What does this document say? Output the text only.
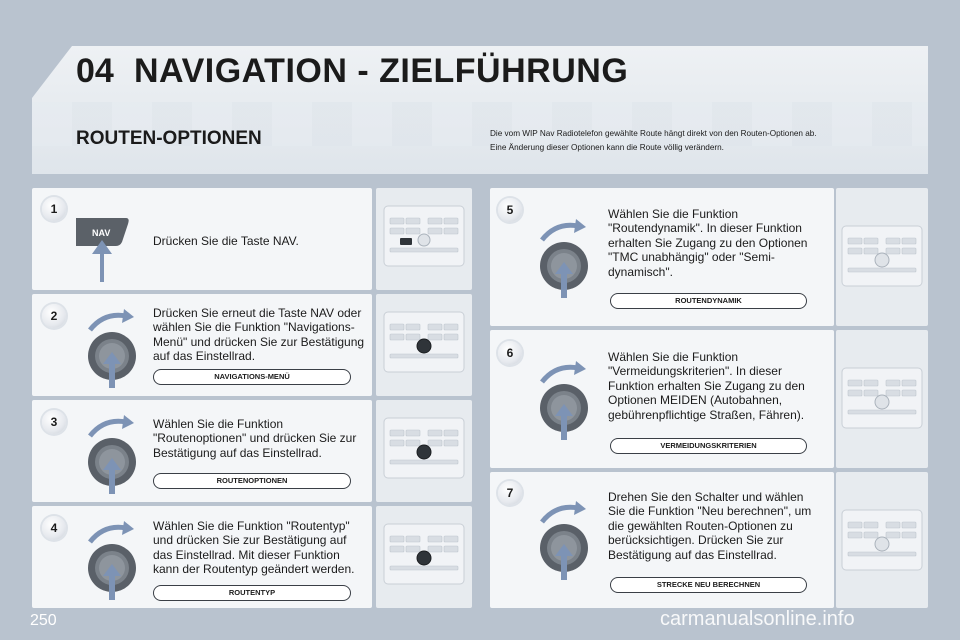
04 NAVIGATION - ZIELFÜHRUNG
ROUTEN-OPTIONEN	Die vom WIP Nav Radiotelefon gewählte Route hängt direkt von den Routen-Optionen ab.

Eine Änderung dieser Optionen kann die Route völlig verändern.

1
NAV
Drücken Sie die Taste NAV.
2	Drücken Sie erneut die Taste NAV oder wählen Sie die Funktion "Navigations-Menü" und drücken Sie zur Bestätigung auf das Einstellrad.
NAVIGATIONS-MENÜ
3	Wählen Sie die Funktion "Routenoptionen" und drücken Sie zur Bestätigung auf das Einstellrad.
ROUTENOPTIONEN
4	Wählen Sie die Funktion "Routentyp" und drücken Sie zur Bestätigung auf das Einstellrad. Mit dieser Funktion kann der Routentyp geändert werden.
ROUTENTYP
5	Wählen Sie die Funktion "Routendynamik". In dieser Funktion erhalten Sie Zugang zu den Optionen "TMC unabhängig" oder "Semi-dynamisch".
ROUTENDYNAMIK
6	Wählen Sie die Funktion "Vermeidungskriterien". In dieser Funktion erhalten Sie Zugang zu den Optionen MEIDEN (Autobahnen, gebührenpflichtige Straßen, Fähren).
VERMEIDUNGSKRITERIEN
7	Drehen Sie den Schalter und wählen Sie die Funktion "Neu berechnen", um die gewählten Routen-Optionen zu berücksichtigen. Drücken Sie zur Bestätigung auf das Einstellrad.
STRECKE NEU BERECHNEN
250	carmanualsonline.info
